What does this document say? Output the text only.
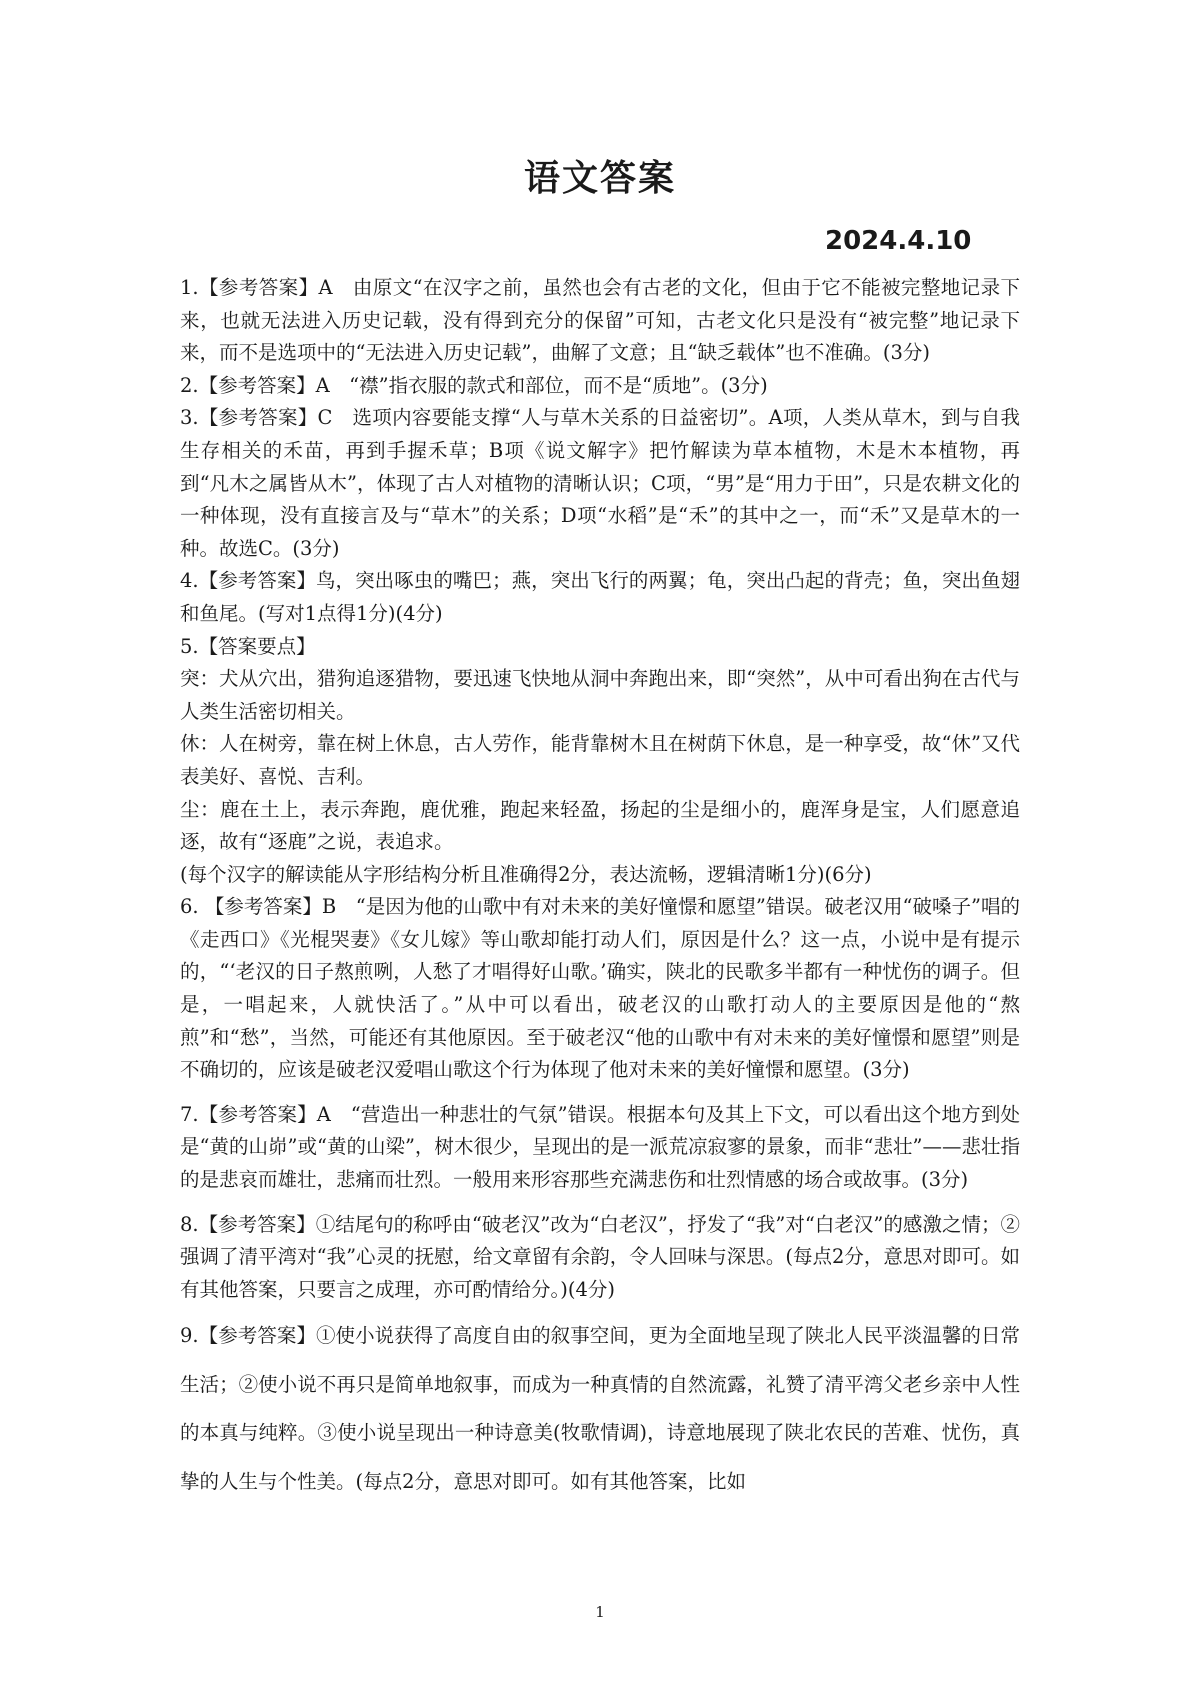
语文答案
2024.4.10

1.【参考答案】A　由原文“在汉字之前，虽然也会有古老的文化，但由于它不能被完整地记录下来，也就无法进入历史记载，没有得到充分的保留”可知，古老文化只是没有“被完整”地记录下来，而不是选项中的“无法进入历史记载”，曲解了文意；且“缺乏载体”也不准确。(3分)

2.【参考答案】A　“襟”指衣服的款式和部位，而不是“质地”。(3分)

3.【参考答案】C　选项内容要能支撑“人与草木关系的日益密切”。A项，人类从草木，到与自我生存相关的禾苗，再到手握禾草；B项《说文解字》把竹解读为草本植物，木是木本植物，再到“凡木之属皆从木”，体现了古人对植物的清晰认识；C项，“男”是“用力于田”，只是农耕文化的一种体现，没有直接言及与“草木”的关系；D项“水稻”是“禾”的其中之一，而“禾”又是草木的一种。故选C。(3分)

4.【参考答案】鸟，突出啄虫的嘴巴；燕，突出飞行的两翼；龟，突出凸起的背壳；鱼，突出鱼翅和鱼尾。(写对1点得1分)(4分)

5.【答案要点】

突：犬从穴出，猎狗追逐猎物，要迅速飞快地从洞中奔跑出来，即“突然”，从中可看出狗在古代与人类生活密切相关。

休：人在树旁，靠在树上休息，古人劳作，能背靠树木且在树荫下休息，是一种享受，故“休”又代表美好、喜悦、吉利。

尘：鹿在土上，表示奔跑，鹿优雅，跑起来轻盈，扬起的尘是细小的，鹿浑身是宝，人们愿意追逐，故有“逐鹿”之说，表追求。

(每个汉字的解读能从字形结构分析且准确得2分，表达流畅，逻辑清晰1分)(6分)

6. 【参考答案】B　“是因为他的山歌中有对未来的美好憧憬和愿望”错误。破老汉用“破嗓子”唱的《走西口》《光棍哭妻》《女儿嫁》等山歌却能打动人们，原因是什么？这一点，小说中是有提示的，“‘老汉的日子熬煎咧，人愁了才唱得好山歌。’确实，陕北的民歌多半都有一种忧伤的调子。但是，一唱起来，人就快活了。”从中可以看出，破老汉的山歌打动人的主要原因是他的“熬煎”和“愁”，当然，可能还有其他原因。至于破老汉“他的山歌中有对未来的美好憧憬和愿望”则是不确切的，应该是破老汉爱唱山歌这个行为体现了他对未来的美好憧憬和愿望。(3分)

7.【参考答案】A　“营造出一种悲壮的气氛”错误。根据本句及其上下文，可以看出这个地方到处是“黄的山峁”或“黄的山梁”，树木很少，呈现出的是一派荒凉寂寥的景象，而非“悲壮”——悲壮指的是悲哀而雄壮，悲痛而壮烈。一般用来形容那些充满悲伤和壮烈情感的场合或故事。(3分)

8.【参考答案】①结尾句的称呼由“破老汉”改为“白老汉”，抒发了“我”对“白老汉”的感激之情；②强调了清平湾对“我”心灵的抚慰，给文章留有余韵，令人回味与深思。(每点2分，意思对即可。如有其他答案，只要言之成理，亦可酌情给分。)(4分)

9.【参考答案】①使小说获得了高度自由的叙事空间，更为全面地呈现了陕北人民平淡温馨的日常生活；②使小说不再只是简单地叙事，而成为一种真情的自然流露，礼赞了清平湾父老乡亲中人性的本真与纯粹。③使小说呈现出一种诗意美(牧歌情调)，诗意地展现了陕北农民的苦难、忧伤，真挚的人生与个性美。(每点2分，意思对即可。如有其他答案，比如

1
